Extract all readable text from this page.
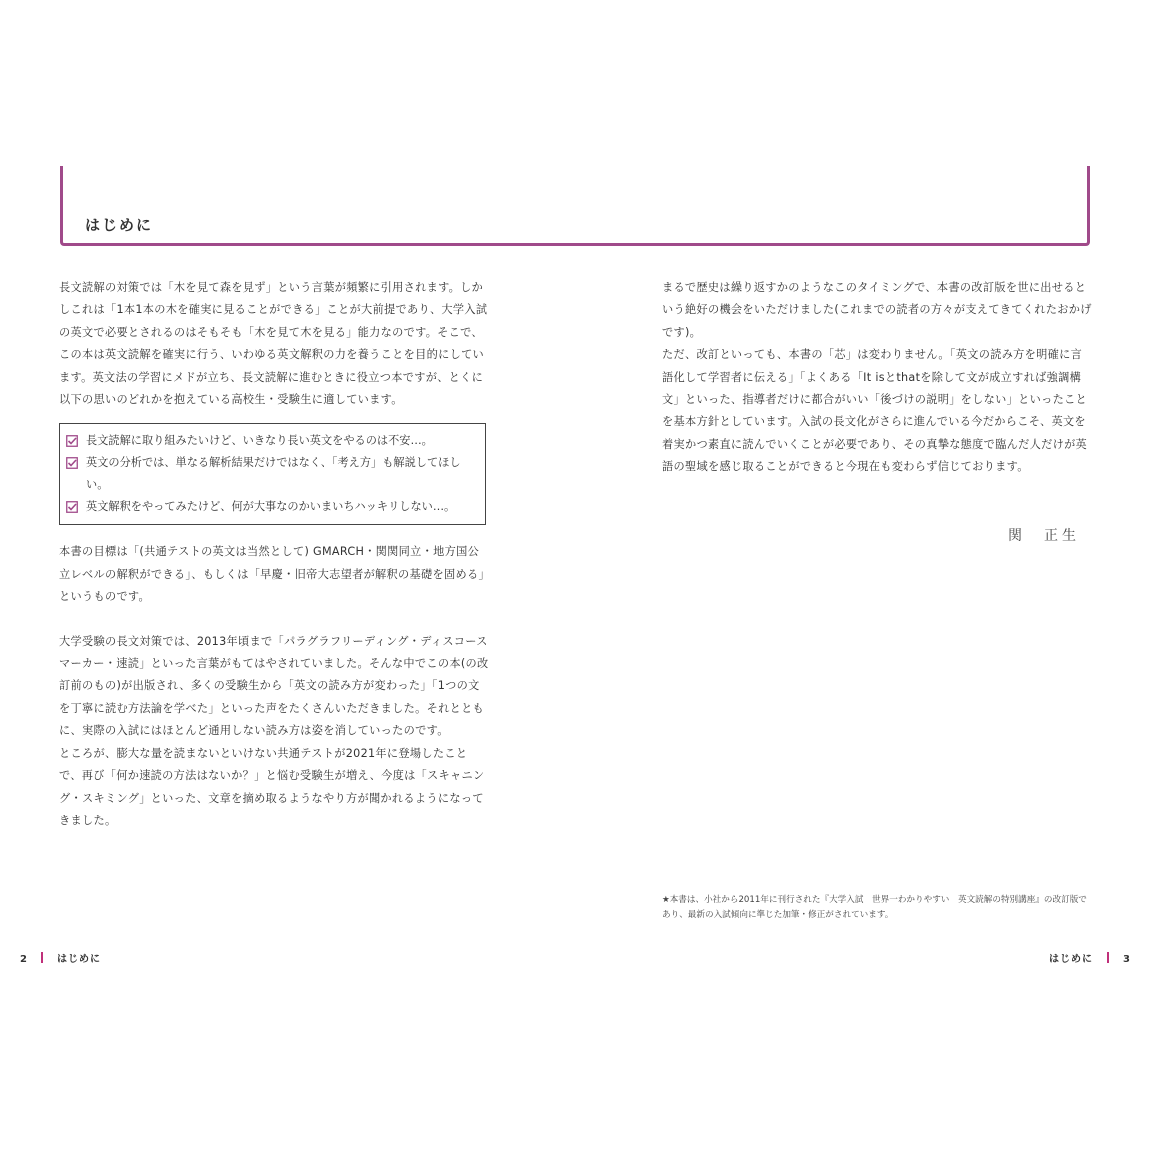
はじめに

長文読解の対策では「木を見て森を見ず」という言葉が頻繁に引用されます。しかしこれは「1本1本の木を確実に見ることができる」ことが大前提であり、大学入試の英文で必要とされるのはそもそも「木を見て木を見る」能力なのです。そこで、この本は英文読解を確実に行う、いわゆる英文解釈の力を養うことを目的にしています。英文法の学習にメドが立ち、長文読解に進むときに役立つ本ですが、とくに以下の思いのどれかを抱えている高校生・受験生に適しています。

長文読解に取り組みたいけど、いきなり長い英文をやるのは不安…。
英文の分析では、単なる解析結果だけではなく、「考え方」も解説してほしい。
英文解釈をやってみたけど、何が大事なのかいまいちハッキリしない…。

本書の目標は「(共通テストの英文は当然として) GMARCH・関関同立・地方国公立レベルの解釈ができる」、もしくは「早慶・旧帝大志望者が解釈の基礎を固める」というものです。

大学受験の長文対策では、2013年頃まで「パラグラフリーディング・ディスコースマーカー・速読」といった言葉がもてはやされていました。そんな中でこの本(の改訂前のもの)が出版され、多くの受験生から「英文の読み方が変わった」「1つの文を丁寧に読む方法論を学べた」といった声をたくさんいただきました。それとともに、実際の入試にはほとんど通用しない読み方は姿を消していったのです。

ところが、膨大な量を読まないといけない共通テストが2021年に登場したことで、再び「何か速読の方法はないか？」と悩む受験生が増え、今度は「スキャニング・スキミング」といった、文章を摘め取るようなやり方が聞かれるようになってきました。

まるで歴史は繰り返すかのようなこのタイミングで、本書の改訂版を世に出せるという絶好の機会をいただけました(これまでの読者の方々が支えてきてくれたおかげです)。

ただ、改訂といっても、本書の「芯」は変わりません。「英文の読み方を明確に言語化して学習者に伝える」「よくある「It isとthatを除して文が成立すれば強調構文」といった、指導者だけに都合がいい「後づけの説明」をしない」といったことを基本方針としています。入試の長文化がさらに進んでいる今だからこそ、英文を着実かつ素直に読んでいくことが必要であり、その真摯な態度で臨んだ人だけが英語の聖域を感じ取ることができると今現在も変わらず信じております。

関　正生
★本書は、小社から2011年に刊行された『大学入試　世界一わかりやすい　英文読解の特別講座』の改訂版であり、最新の入試傾向に準じた加筆・修正がされています。
2	はじめに	はじめに	3
